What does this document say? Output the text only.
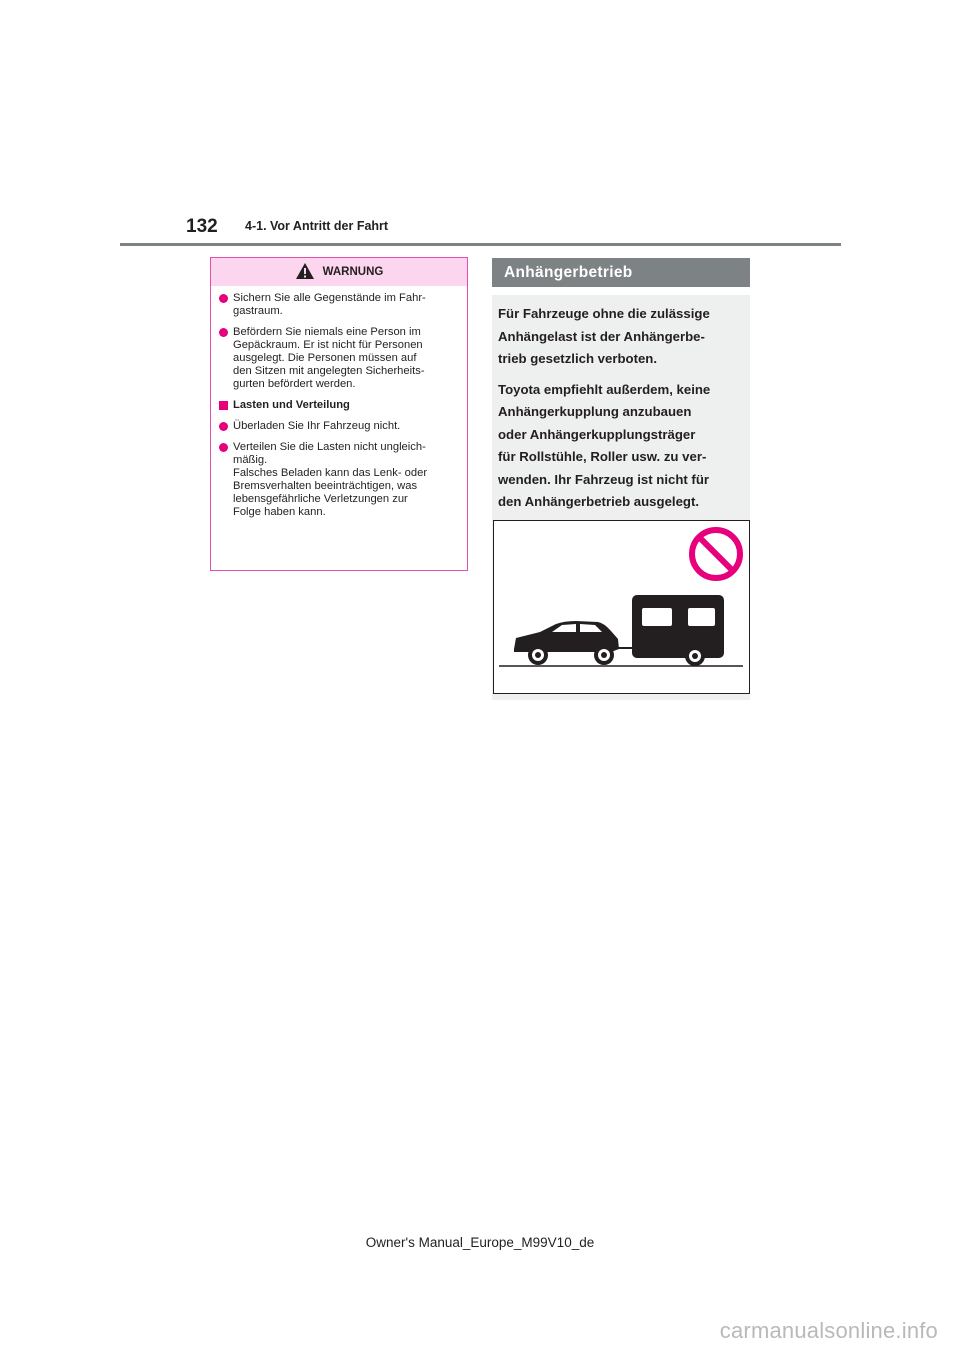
132 4-1. Vor Antritt der Fahrt
WARNUNG
Sichern Sie alle Gegenstände im Fahr-
gastraum.
Befördern Sie niemals eine Person im
Gepäckraum. Er ist nicht für Personen
ausgelegt. Die Personen müssen auf
den Sitzen mit angelegten Sicherheits-
gurten befördert werden.
Lasten und Verteilung
Überladen Sie Ihr Fahrzeug nicht.
Verteilen Sie die Lasten nicht ungleich-
mäßig.
Falsches Beladen kann das Lenk- oder
Bremsverhalten beeinträchtigen, was
lebensgefährliche Verletzungen zur
Folge haben kann.
Anhängerbetrieb
Für Fahrzeuge ohne die zulässige
Anhängelast ist der Anhängerbe-
trieb gesetzlich verboten.
Toyota empfiehlt außerdem, keine
Anhängerkupplung anzubauen
oder Anhängerkupplungsträger
für Rollstühle, Roller usw. zu ver-
wenden. Ihr Fahrzeug ist nicht für
den Anhängerbetrieb ausgelegt.
Owner's Manual_Europe_M99V10_de
carmanualsonline.info
